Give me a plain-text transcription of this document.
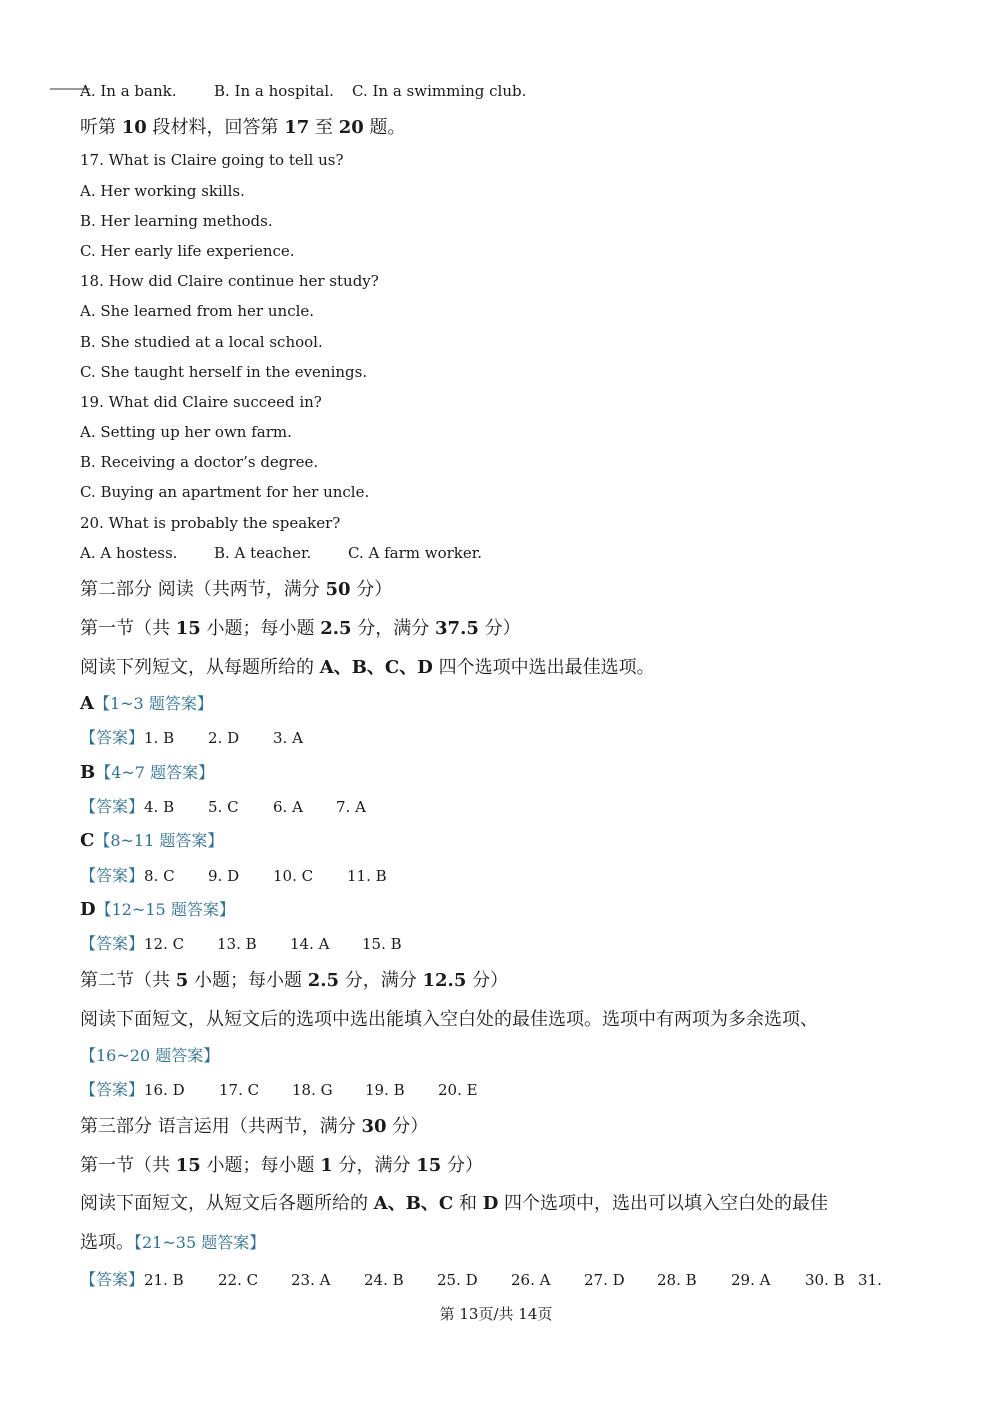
A. In a bank.	B. In a hospital. C. In a swimming club.
听第 10 段材料，回答第 17 至 20 题。
17. What is Claire going to tell us?
A. Her working skills.
B. Her learning methods.
C. Her early life experience.
18. How did Claire continue her study?
A. She learned from her uncle.
B. She studied at a local school.
C. She taught herself in the evenings.
19. What did Claire succeed in?
A. Setting up her own farm.
B. Receiving a doctor’s degree.
C. Buying an apartment for her uncle.
20. What is probably the speaker?
A. A hostess. B. A teacher. C. A farm worker.
第二部分 阅读（共两节，满分 50 分）
第一节（共 15 小题；每小题 2.5 分，满分 37.5 分）
阅读下列短文，从每题所给的 A、B、C、D 四个选项中选出最佳选项。
A【1~3 题答案】
【答案】1. B 2. D 3. A
B【4~7 题答案】
【答案】4. B 5. C 6. A 7. A
C【8~11 题答案】
【答案】8. C 9. D 10. C 11. B
D【12~15 题答案】
【答案】12. C 13. B 14. A 15. B
第二节（共 5 小题；每小题 2.5 分，满分 12.5 分）
阅读下面短文，从短文后的选项中选出能填入空白处的最佳选项。选项中有两项为多余选项、
【16~20 题答案】
【答案】16. D 17. C 18. G 19. B 20. E
第三部分 语言运用（共两节，满分 30 分）
第一节（共 15 小题；每小题 1 分，满分 15 分）
阅读下面短文，从短文后各题所给的 A、B、C 和 D 四个选项中，选出可以填入空白处的最佳
选项。【21~35 题答案】
【答案】21. B 22. C 23. A 24. B 25. D 26. A 27. D 28. B 29. A 30. B 31.
第 13页/共 14页
